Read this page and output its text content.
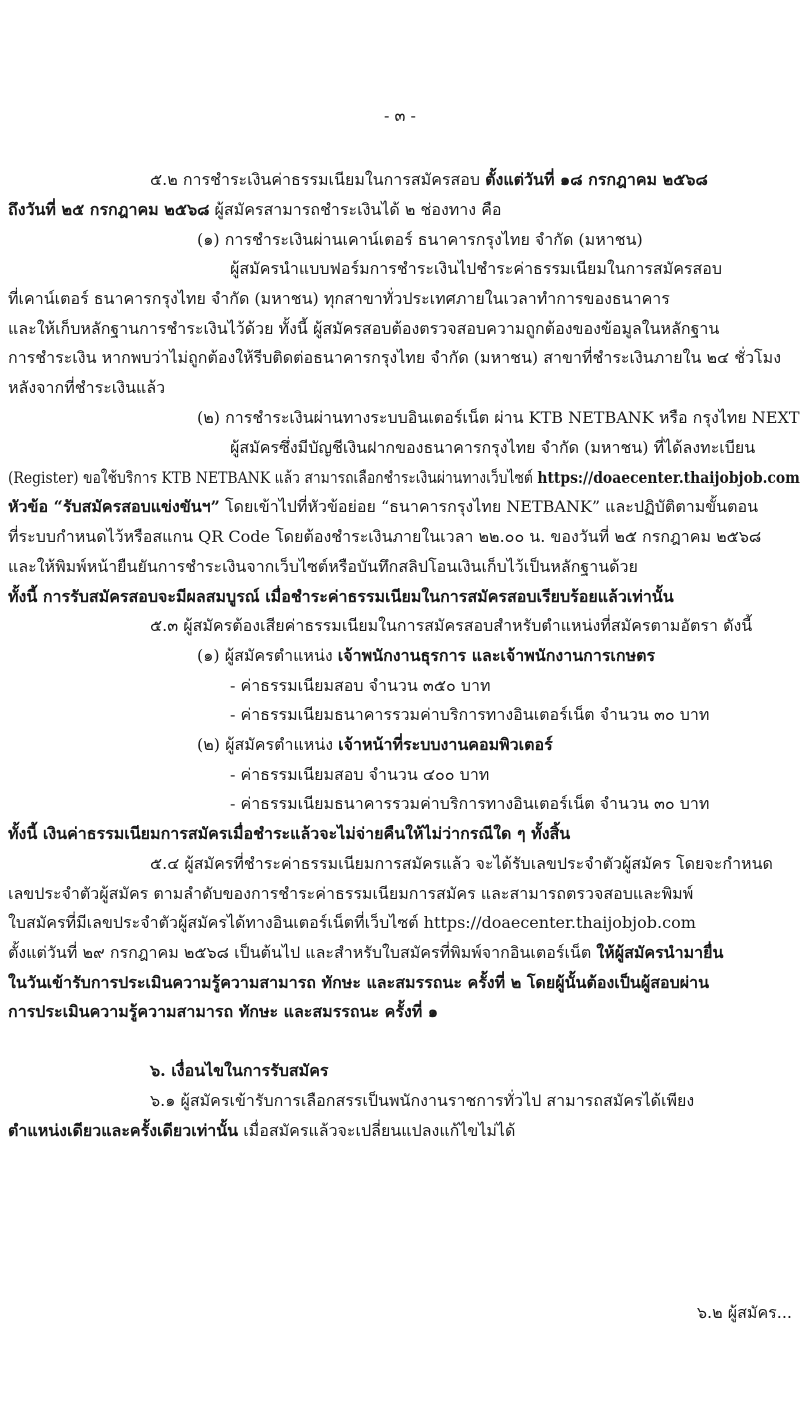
- ๓ -
๕.๒ การชำระเงินค่าธรรมเนียมในการสมัครสอบ ตั้งแต่วันที่ ๑๘ กรกฎาคม ๒๕๖๘
ถึงวันที่ ๒๕ กรกฎาคม ๒๕๖๘ ผู้สมัครสามารถชำระเงินได้ ๒ ช่องทาง คือ
(๑) การชำระเงินผ่านเคาน์เตอร์ ธนาคารกรุงไทย จำกัด (มหาชน)
ผู้สมัครนำแบบฟอร์มการชำระเงินไปชำระค่าธรรมเนียมในการสมัครสอบ
ที่เคาน์เตอร์ ธนาคารกรุงไทย จำกัด (มหาชน) ทุกสาขาทั่วประเทศภายในเวลาทำการของธนาคาร
และให้เก็บหลักฐานการชำระเงินไว้ด้วย ทั้งนี้ ผู้สมัครสอบต้องตรวจสอบความถูกต้องของข้อมูลในหลักฐาน
การชำระเงิน หากพบว่าไม่ถูกต้องให้รีบติดต่อธนาคารกรุงไทย จำกัด (มหาชน) สาขาที่ชำระเงินภายใน ๒๔ ชั่วโมง
หลังจากที่ชำระเงินแล้ว
(๒) การชำระเงินผ่านทางระบบอินเตอร์เน็ต ผ่าน KTB NETBANK หรือ กรุงไทย NEXT
ผู้สมัครซึ่งมีบัญชีเงินฝากของธนาคารกรุงไทย จำกัด (มหาชน) ที่ได้ลงทะเบียน
(Register) ขอใช้บริการ KTB NETBANK แล้ว สามารถเลือกชำระเงินผ่านทางเว็บไซต์ https://doaecenter.thaijobjob.com
หัวข้อ “รับสมัครสอบแข่งขันฯ” โดยเข้าไปที่หัวข้อย่อย “ธนาคารกรุงไทย NETBANK” และปฏิบัติตามขั้นตอน
ที่ระบบกำหนดไว้หรือสแกน QR Code โดยต้องชำระเงินภายในเวลา ๒๒.๐๐ น. ของวันที่ ๒๕ กรกฎาคม ๒๕๖๘
และให้พิมพ์หน้ายืนยันการชำระเงินจากเว็บไซต์หรือบันทึกสลิปโอนเงินเก็บไว้เป็นหลักฐานด้วย
ทั้งนี้ การรับสมัครสอบจะมีผลสมบูรณ์ เมื่อชำระค่าธรรมเนียมในการสมัครสอบเรียบร้อยแล้วเท่านั้น
๕.๓ ผู้สมัครต้องเสียค่าธรรมเนียมในการสมัครสอบสำหรับตำแหน่งที่สมัครตามอัตรา ดังนี้
(๑) ผู้สมัครตำแหน่ง เจ้าพนักงานธุรการ และเจ้าพนักงานการเกษตร
- ค่าธรรมเนียมสอบ จำนวน ๓๕๐ บาท
- ค่าธรรมเนียมธนาคารรวมค่าบริการทางอินเตอร์เน็ต จำนวน ๓๐ บาท
(๒) ผู้สมัครตำแหน่ง เจ้าหน้าที่ระบบงานคอมพิวเตอร์
- ค่าธรรมเนียมสอบ จำนวน ๔๐๐ บาท
- ค่าธรรมเนียมธนาคารรวมค่าบริการทางอินเตอร์เน็ต จำนวน ๓๐ บาท
ทั้งนี้ เงินค่าธรรมเนียมการสมัครเมื่อชำระแล้วจะไม่จ่ายคืนให้ไม่ว่ากรณีใด ๆ ทั้งสิ้น
๕.๔ ผู้สมัครที่ชำระค่าธรรมเนียมการสมัครแล้ว จะได้รับเลขประจำตัวผู้สมัคร โดยจะกำหนด
เลขประจำตัวผู้สมัคร ตามลำดับของการชำระค่าธรรมเนียมการสมัคร และสามารถตรวจสอบและพิมพ์
ใบสมัครที่มีเลขประจำตัวผู้สมัครได้ทางอินเตอร์เน็ตที่เว็บไซต์ https://doaecenter.thaijobjob.com
ตั้งแต่วันที่ ๒๙ กรกฎาคม ๒๕๖๘ เป็นต้นไป และสำหรับใบสมัครที่พิมพ์จากอินเตอร์เน็ต ให้ผู้สมัครนำมายื่น
ในวันเข้ารับการประเมินความรู้ความสามารถ ทักษะ และสมรรถนะ ครั้งที่ ๒ โดยผู้นั้นต้องเป็นผู้สอบผ่าน
การประเมินความรู้ความสามารถ ทักษะ และสมรรถนะ ครั้งที่ ๑
๖. เงื่อนไขในการรับสมัคร
๖.๑ ผู้สมัครเข้ารับการเลือกสรรเป็นพนักงานราชการทั่วไป สามารถสมัครได้เพียง
ตำแหน่งเดียวและครั้งเดียวเท่านั้น เมื่อสมัครแล้วจะเปลี่ยนแปลงแก้ไขไม่ได้
๖.๒ ผู้สมัคร...
